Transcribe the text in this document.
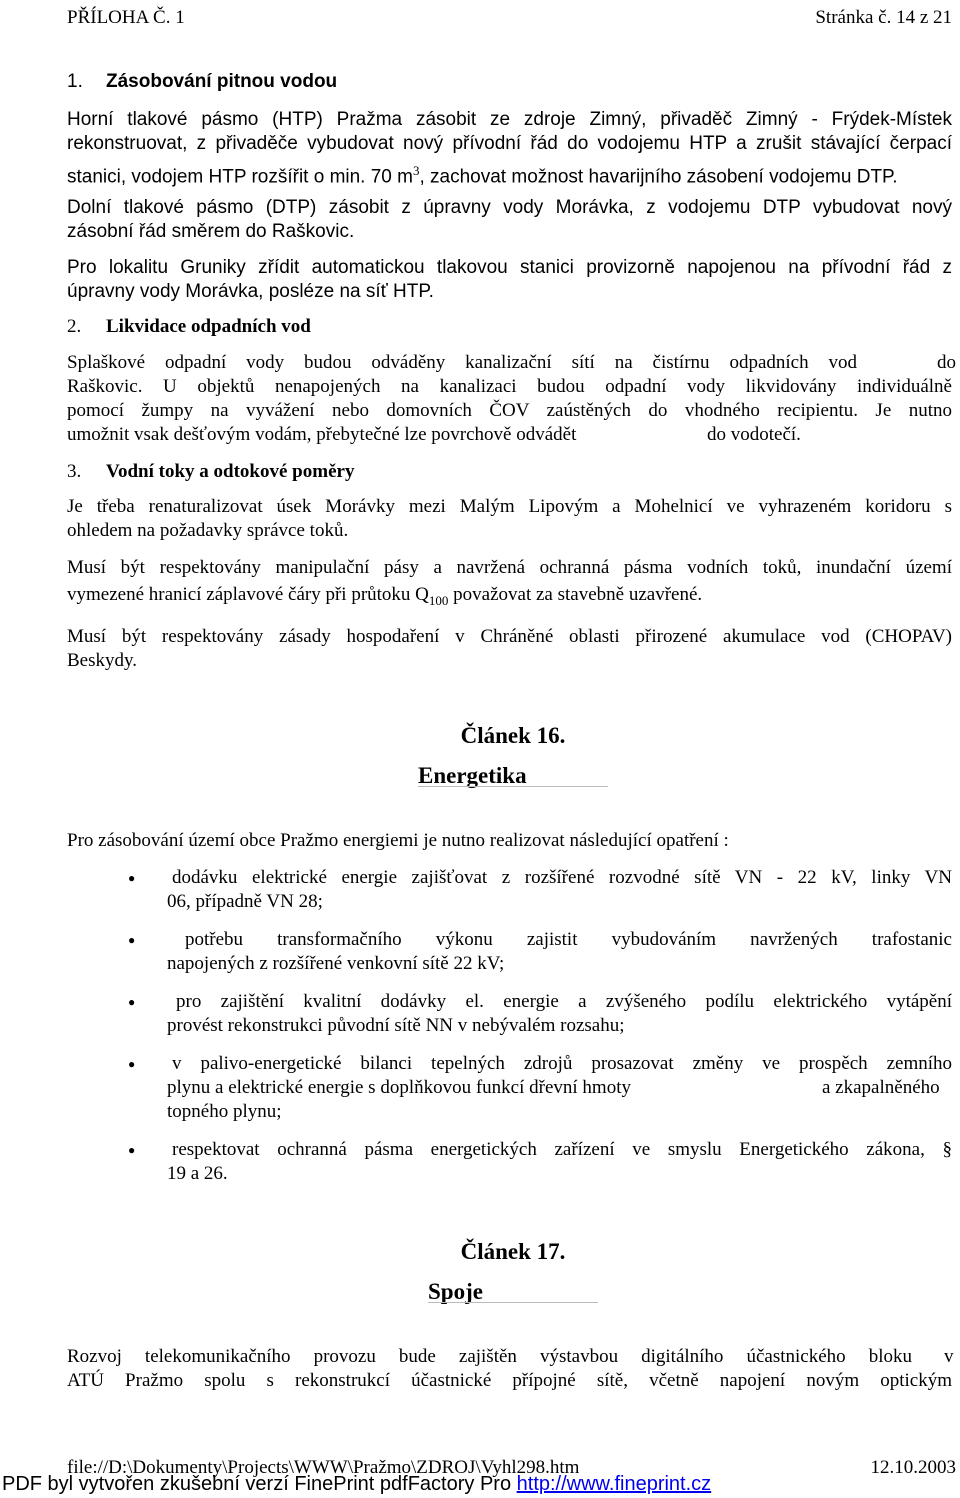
PŘÍLOHA Č. 1	Stránka č. 14 z 21
1. Zásobování pitnou vodou
Horní tlakové pásmo (HTP) Pražma zásobit ze zdroje Zimný, přivaděč Zimný - Frýdek-Místek
rekonstruovat, z přivaděče vybudovat nový přívodní řád do vodojemu HTP a zrušit stávající čerpací
stanici, vodojem HTP rozšířit o min. 70 $m^3$, zachovat možnost havarijního zásobení vodojemu DTP.
Dolní tlakové pásmo (DTP) zásobit z úpravny vody Morávka, z vodojemu DTP vybudovat nový
zásobní řád směrem do Raškovic.
Pro lokalitu Gruniky zřídit automatickou tlakovou stanici provizorně napojenou na přívodní řád z
úpravny vody Morávka, posléze na síť HTP.
2. Likvidace odpadních vod
Splaškové odpadní vody budou odváděny kanalizační sítí na čistírnu odpadních vod	do
Raškovic. U objektů nenapojených na kanalizaci budou odpadní vody likvidovány individuálně
pomocí žumpy na vyvážení nebo domovních ČOV zaústěných do vhodného recipientu. Je nutno
umožnit vsak dešťovým vodám, přebytečné lze povrchově odvádět	do vodotečí.
3. Vodní toky a odtokové poměry
Je třeba renaturalizovat úsek Morávky mezi Malým Lipovým a Mohelnicí ve vyhrazeném koridoru s
ohledem na požadavky správce toků.
Musí být respektovány manipulační pásy a navržená ochranná pásma vodních toků, inundační území
vymezené hranicí záplavové čáry při průtoku $Q_{100}$ považovat za stavebně uzavřené.
Musí být respektovány zásady hospodaření v Chráněné oblasti přirozené akumulace vod (CHOPAV)
Beskydy.
Článek 16.
Energetika
Pro zásobování území obce Pražmo energiemi je nutno realizovat následující opatření :
● dodávku elektrické energie zajišťovat z rozšířené rozvodné sítě VN - 22 kV, linky VN
06, případně VN 28;
●	potřebu transformačního výkonu zajistit vybudováním navržených trafostanic
napojených z rozšířené venkovní sítě 22 kV;
● pro zajištění kvalitní dodávky el. energie a zvýšeného podílu elektrického vytápění
provést rekonstrukci původní sítě NN v nebývalém rozsahu;
● v palivo-energetické bilanci tepelných zdrojů prosazovat změny ve prospěch zemního
plynu a elektrické energie s doplňkovou funkcí dřevní hmoty	a zkapalněného
topného plynu;
● respektovat ochranná pásma energetických zařízení ve smyslu Energetického zákona, §
19 a 26.
Článek 17.
Spoje
Rozvoj telekomunikačního provozu bude zajištěn výstavbou digitálního účastnického bloku v
ATÚ Pražmo spolu s rekonstrukcí účastnické přípojné sítě, včetně napojení novým optickým
file://D:\Dokumenty\Projects\WWW\Pražmo\ZDROJ\Vyhl298.htm	12.10.2003
PDF byl vytvořen zkušební verzí FinePrint pdfFactory Pro http://www.fineprint.cz
